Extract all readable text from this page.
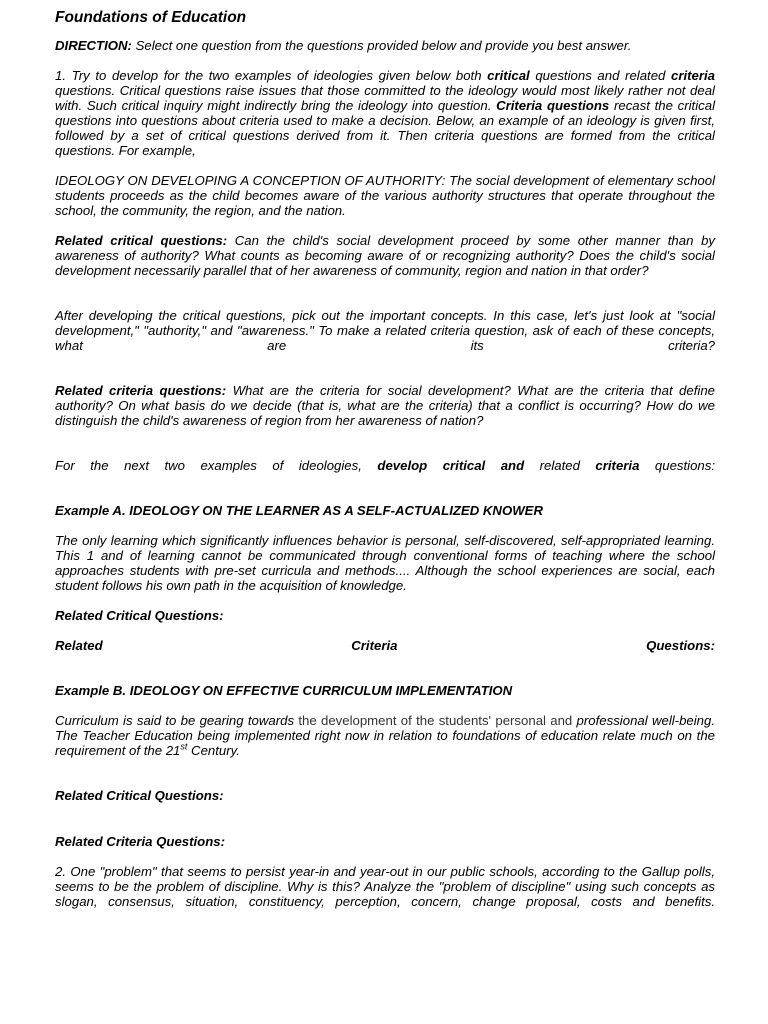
Foundations of Education

DIRECTION: Select one question from the questions provided below and provide you best answer.

1. Try to develop for the two examples of ideologies given below both critical questions and related criteria questions. Critical questions raise issues that those committed to the ideology would most likely rather not deal with. Such critical inquiry might indirectly bring the ideology into question. Criteria questions recast the critical questions into questions about criteria used to make a decision. Below, an example of an ideology is given first, followed by a set of critical questions derived from it. Then criteria questions are formed from the critical questions. For example,

IDEOLOGY ON DEVELOPING A CONCEPTION OF AUTHORITY: The social development of elementary school students proceeds as the child becomes aware of the various authority structures that operate throughout the school, the community, the region, and the nation.

Related critical questions: Can the child's social development proceed by some other manner than by awareness of authority? What counts as becoming aware of or recognizing authority? Does the child's social development necessarily parallel that of her awareness of community, region and nation in that order?

After developing the critical questions, pick out the important concepts. In this case, let's just look at "social development," "authority," and "awareness." To make a related criteria question, ask of each of these concepts, what are its criteria?

Related criteria questions: What are the criteria for social development? What are the criteria that define authority? On what basis do we decide (that is, what are the criteria) that a conflict is occurring? How do we distinguish the child's awareness of region from her awareness of nation?

For the next two examples of ideologies, develop critical and related criteria questions:

Example A. IDEOLOGY ON THE LEARNER AS A SELF-ACTUALIZED KNOWER

The only learning which significantly influences behavior is personal, self-discovered, self-appropriated learning. This 1 and of learning cannot be communicated through conventional forms of teaching where the school approaches students with pre-set curricula and methods.... Although the school experiences are social, each student follows his own path in the acquisition of knowledge.

Related Critical Questions:
Related	Criteria	Questions:
Example B. IDEOLOGY ON EFFECTIVE CURRICULUM IMPLEMENTATION

Curriculum is said to be gearing towards the development of the students' personal and professional well-being. The Teacher Education being implemented right now in relation to foundations of education relate much on the requirement of the 21st Century.

Related Critical Questions:
Related Criteria Questions:

2. One "problem" that seems to persist year-in and year-out in our public schools, according to the Gallup polls, seems to be the problem of discipline. Why is this? Analyze the "problem of discipline" using such concepts as slogan, consensus, situation, constituency, perception, concern, change proposal, costs and benefits.
